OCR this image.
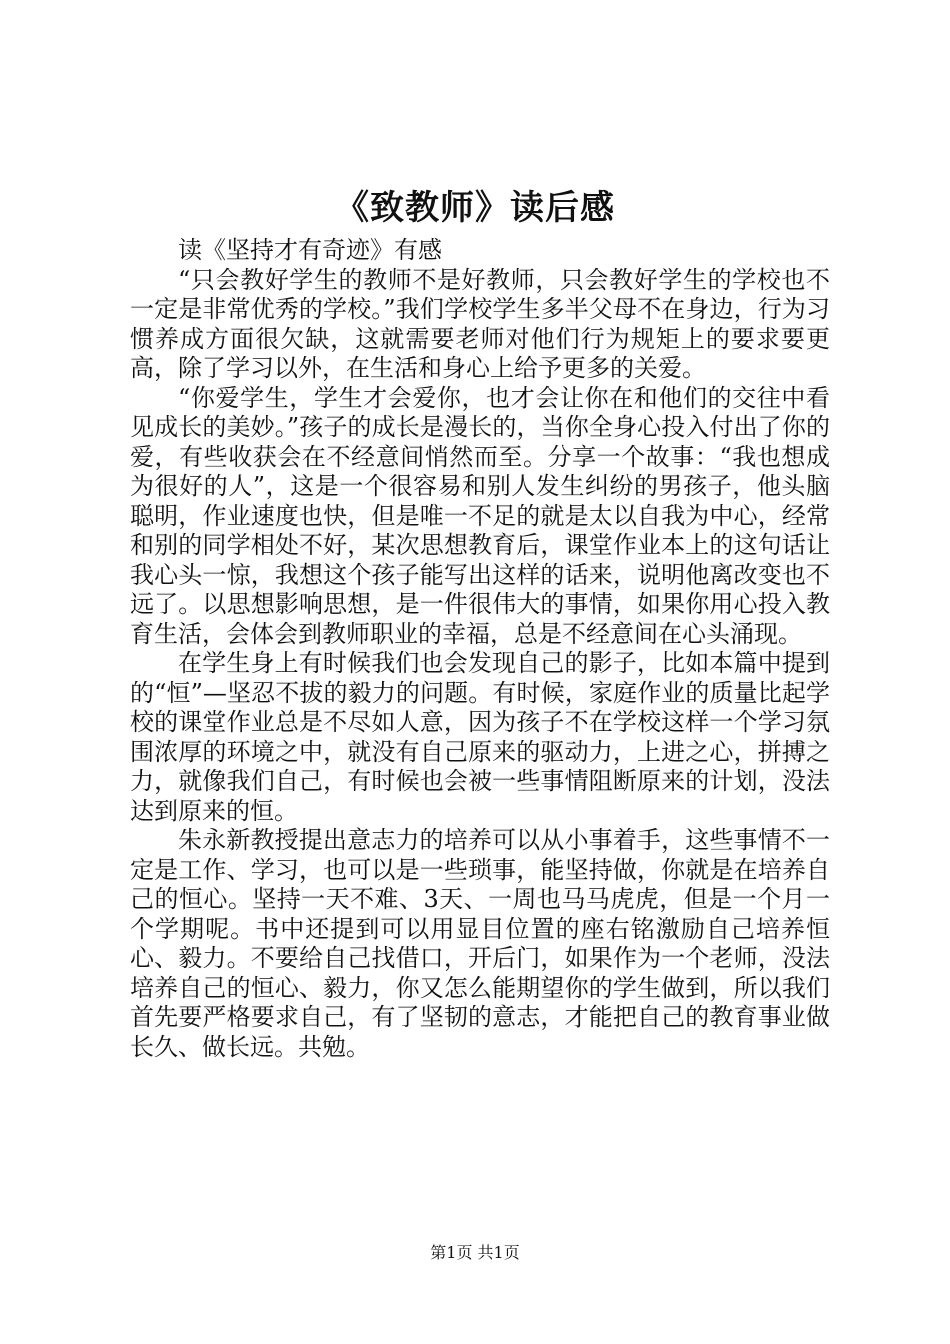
《致教师》读后感

读《坚持才有奇迹》有感

“只会教好学生的教师不是好教师，只会教好学生的学校也不一定是非常优秀的学校。”我们学校学生多半父母不在身边，行为习惯养成方面很欠缺，这就需要老师对他们行为规矩上的要求要更高，除了学习以外，在生活和身心上给予更多的关爱。

“你爱学生，学生才会爱你，也才会让你在和他们的交往中看见成长的美妙。”孩子的成长是漫长的，当你全身心投入付出了你的爱，有些收获会在不经意间悄然而至。分享一个故事：“我也想成为很好的人”，这是一个很容易和别人发生纠纷的男孩子，他头脑聪明，作业速度也快，但是唯一不足的就是太以自我为中心，经常和别的同学相处不好，某次思想教育后，课堂作业本上的这句话让我心头一惊，我想这个孩子能写出这样的话来，说明他离改变也不远了。以思想影响思想，是一件很伟大的事情，如果你用心投入教育生活，会体会到教师职业的幸福，总是不经意间在心头涌现。

在学生身上有时候我们也会发现自己的影子，比如本篇中提到的“恒”—坚忍不拔的毅力的问题。有时候，家庭作业的质量比起学校的课堂作业总是不尽如人意，因为孩子不在学校这样一个学习氛围浓厚的环境之中，就没有自己原来的驱动力，上进之心，拼搏之力，就像我们自己，有时候也会被一些事情阻断原来的计划，没法达到原来的恒。

朱永新教授提出意志力的培养可以从小事着手，这些事情不一定是工作、学习，也可以是一些琐事，能坚持做，你就是在培养自己的恒心。坚持一天不难、3天、一周也马马虎虎，但是一个月一个学期呢。书中还提到可以用显目位置的座右铭激励自己培养恒心、毅力。不要给自己找借口，开后门，如果作为一个老师，没法培养自己的恒心、毅力，你又怎么能期望你的学生做到，所以我们首先要严格要求自己，有了坚韧的意志，才能把自己的教育事业做长久、做长远。共勉。

第1页 共1页
